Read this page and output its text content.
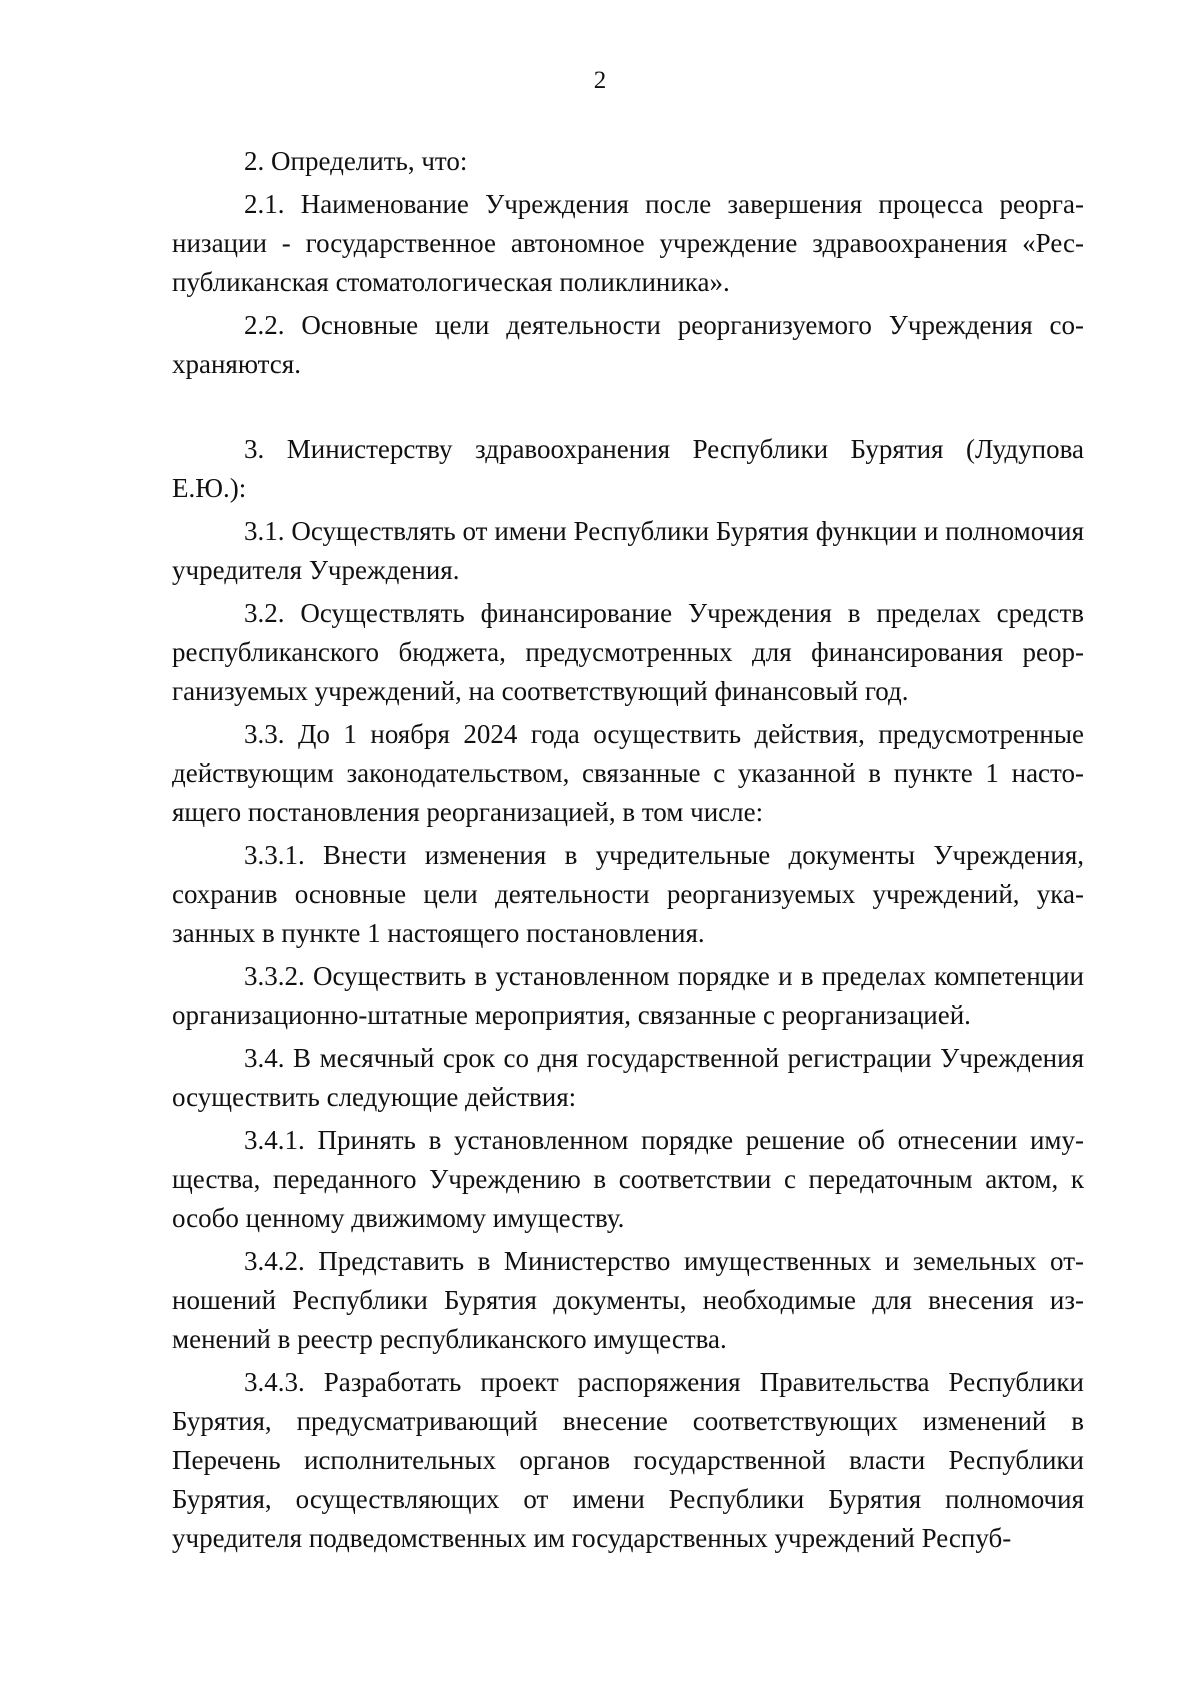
2

2. Определить, что:

2.1. Наименование Учреждения после завершения процесса реорганизации - государственное автономное учреждение здравоохранения «Республиканская стоматологическая поликлиника».

2.2. Основные цели деятельности реорганизуемого Учреждения сохраняются.

3. Министерству здравоохранения Республики Бурятия (Лудупова Е.Ю.):

3.1. Осуществлять от имени Республики Бурятия функции и полномочия учредителя Учреждения.

3.2. Осуществлять финансирование Учреждения в пределах средств республиканского бюджета, предусмотренных для финансирования реорганизуемых учреждений, на соответствующий финансовый год.

3.3. До 1 ноября 2024 года осуществить действия, предусмотренные действующим законодательством, связанные с указанной в пункте 1 настоящего постановления реорганизацией, в том числе:

3.3.1. Внести изменения в учредительные документы Учреждения, сохранив основные цели деятельности реорганизуемых учреждений, указанных в пункте 1 настоящего постановления.

3.3.2. Осуществить в установленном порядке и в пределах компетенции организационно-штатные мероприятия, связанные с реорганизацией.

3.4. В месячный срок со дня государственной регистрации Учреждения осуществить следующие действия:

3.4.1. Принять в установленном порядке решение об отнесении имущества, переданного Учреждению в соответствии с передаточным актом, к особо ценному движимому имуществу.

3.4.2. Представить в Министерство имущественных и земельных отношений Республики Бурятия документы, необходимые для внесения изменений в реестр республиканского имущества.

3.4.3. Разработать проект распоряжения Правительства Республики Бурятия, предусматривающий внесение соответствующих изменений в Перечень исполнительных органов государственной власти Республики Бурятия, осуществляющих от имени Республики Бурятия полномочия учредителя подведомственных им государственных учреждений Респуб-
